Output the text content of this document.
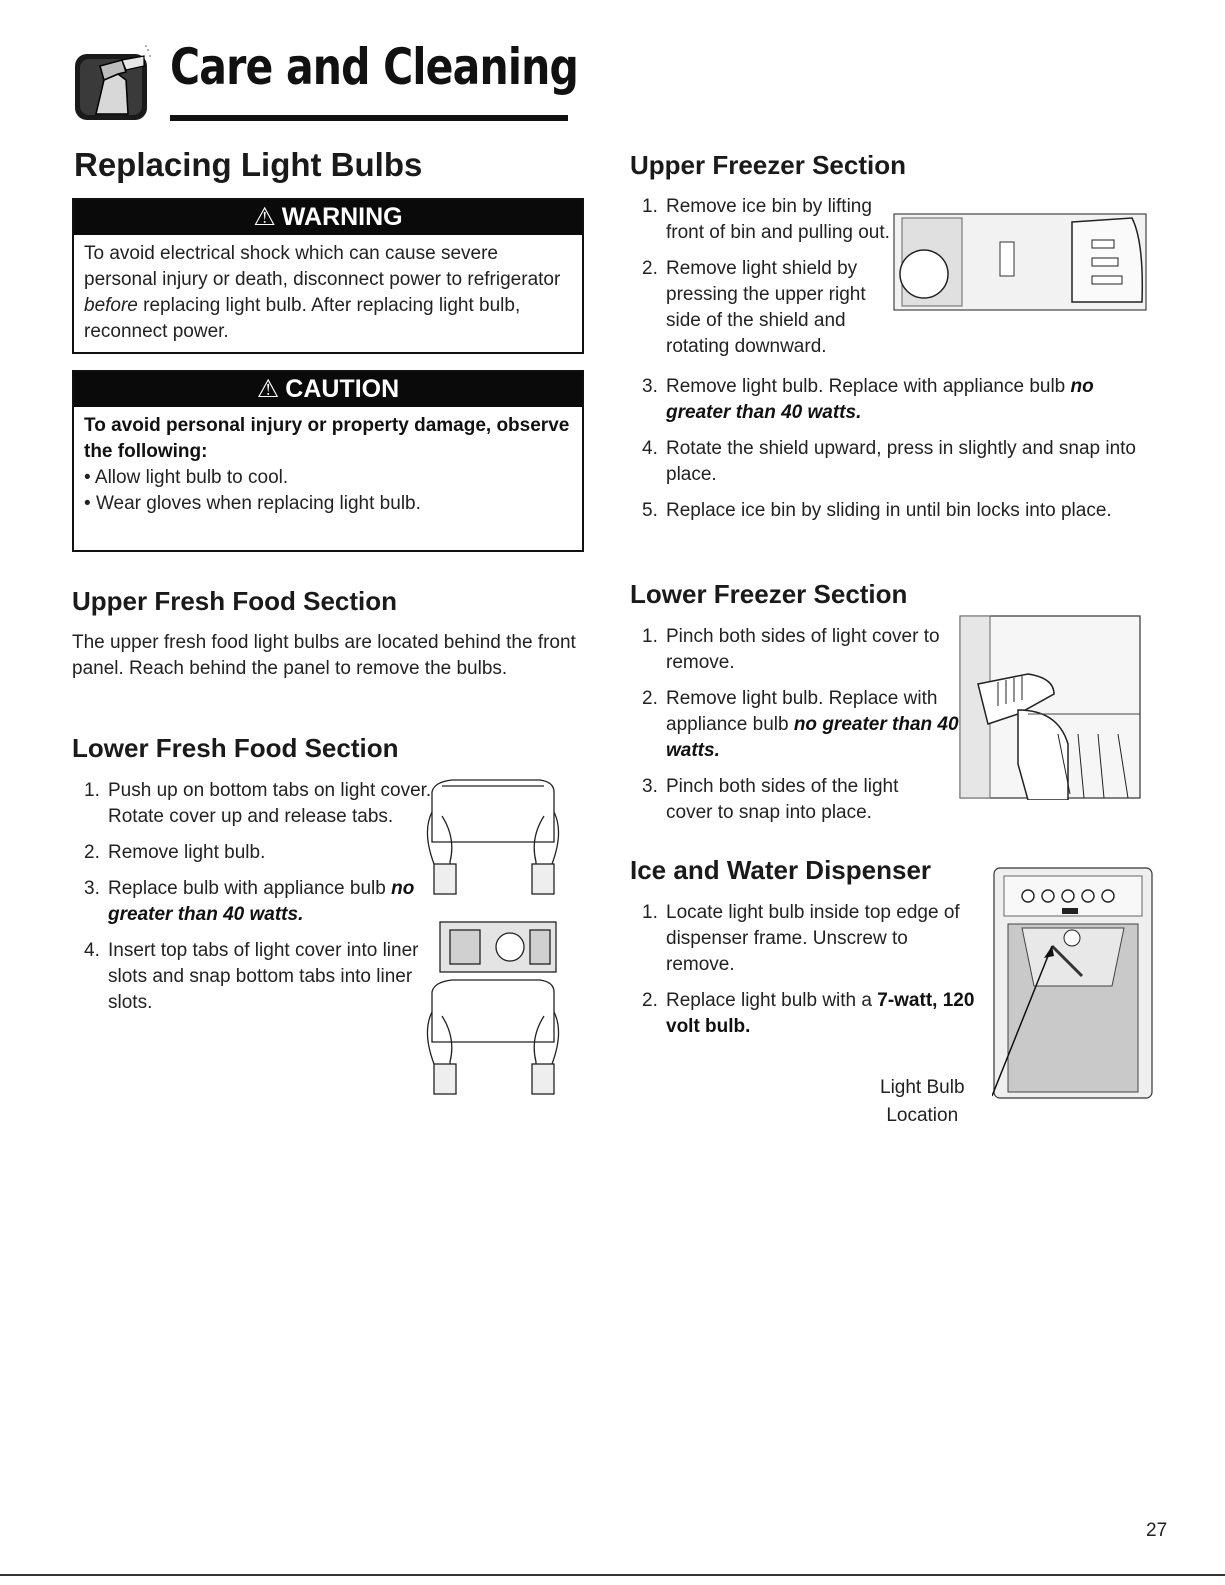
Care and Cleaning
Replacing Light Bulbs
⚠ WARNING

To avoid electrical shock which can cause severe personal injury or death, disconnect power to refrigerator before replacing light bulb. After replacing light bulb, reconnect power.

⚠ CAUTION

To avoid personal injury or property damage, observe the following:

• Allow light bulb to cool.

• Wear gloves when replacing light bulb.

Upper Fresh Food Section
The upper fresh food light bulbs are located behind the front panel. Reach behind the panel to remove the bulbs.
Lower Fresh Food Section
1. Push up on bottom tabs on light cover. Rotate cover up and release tabs.
2. Remove light bulb.
3. Replace bulb with appliance bulb no greater than 40 watts.
4. Insert top tabs of light cover into liner slots and snap bottom tabs into liner slots.
Upper Freezer Section
1. Remove ice bin by lifting front of bin and pulling out.
2. Remove light shield by pressing the upper right side of the shield and rotating downward.
3. Remove light bulb. Replace with appliance bulb no greater than 40 watts.
4. Rotate the shield upward, press in slightly and snap into place.
5. Replace ice bin by sliding in until bin locks into place.
Lower Freezer Section
1. Pinch both sides of light cover to remove.
2. Remove light bulb. Replace with appliance bulb no greater than 40 watts.
3. Pinch both sides of the light cover to snap into place.
Ice and Water Dispenser
1. Locate light bulb inside top edge of dispenser frame. Unscrew to remove.
2. Replace light bulb with a 7-watt, 120 volt bulb.
Light Bulb
Location
27
